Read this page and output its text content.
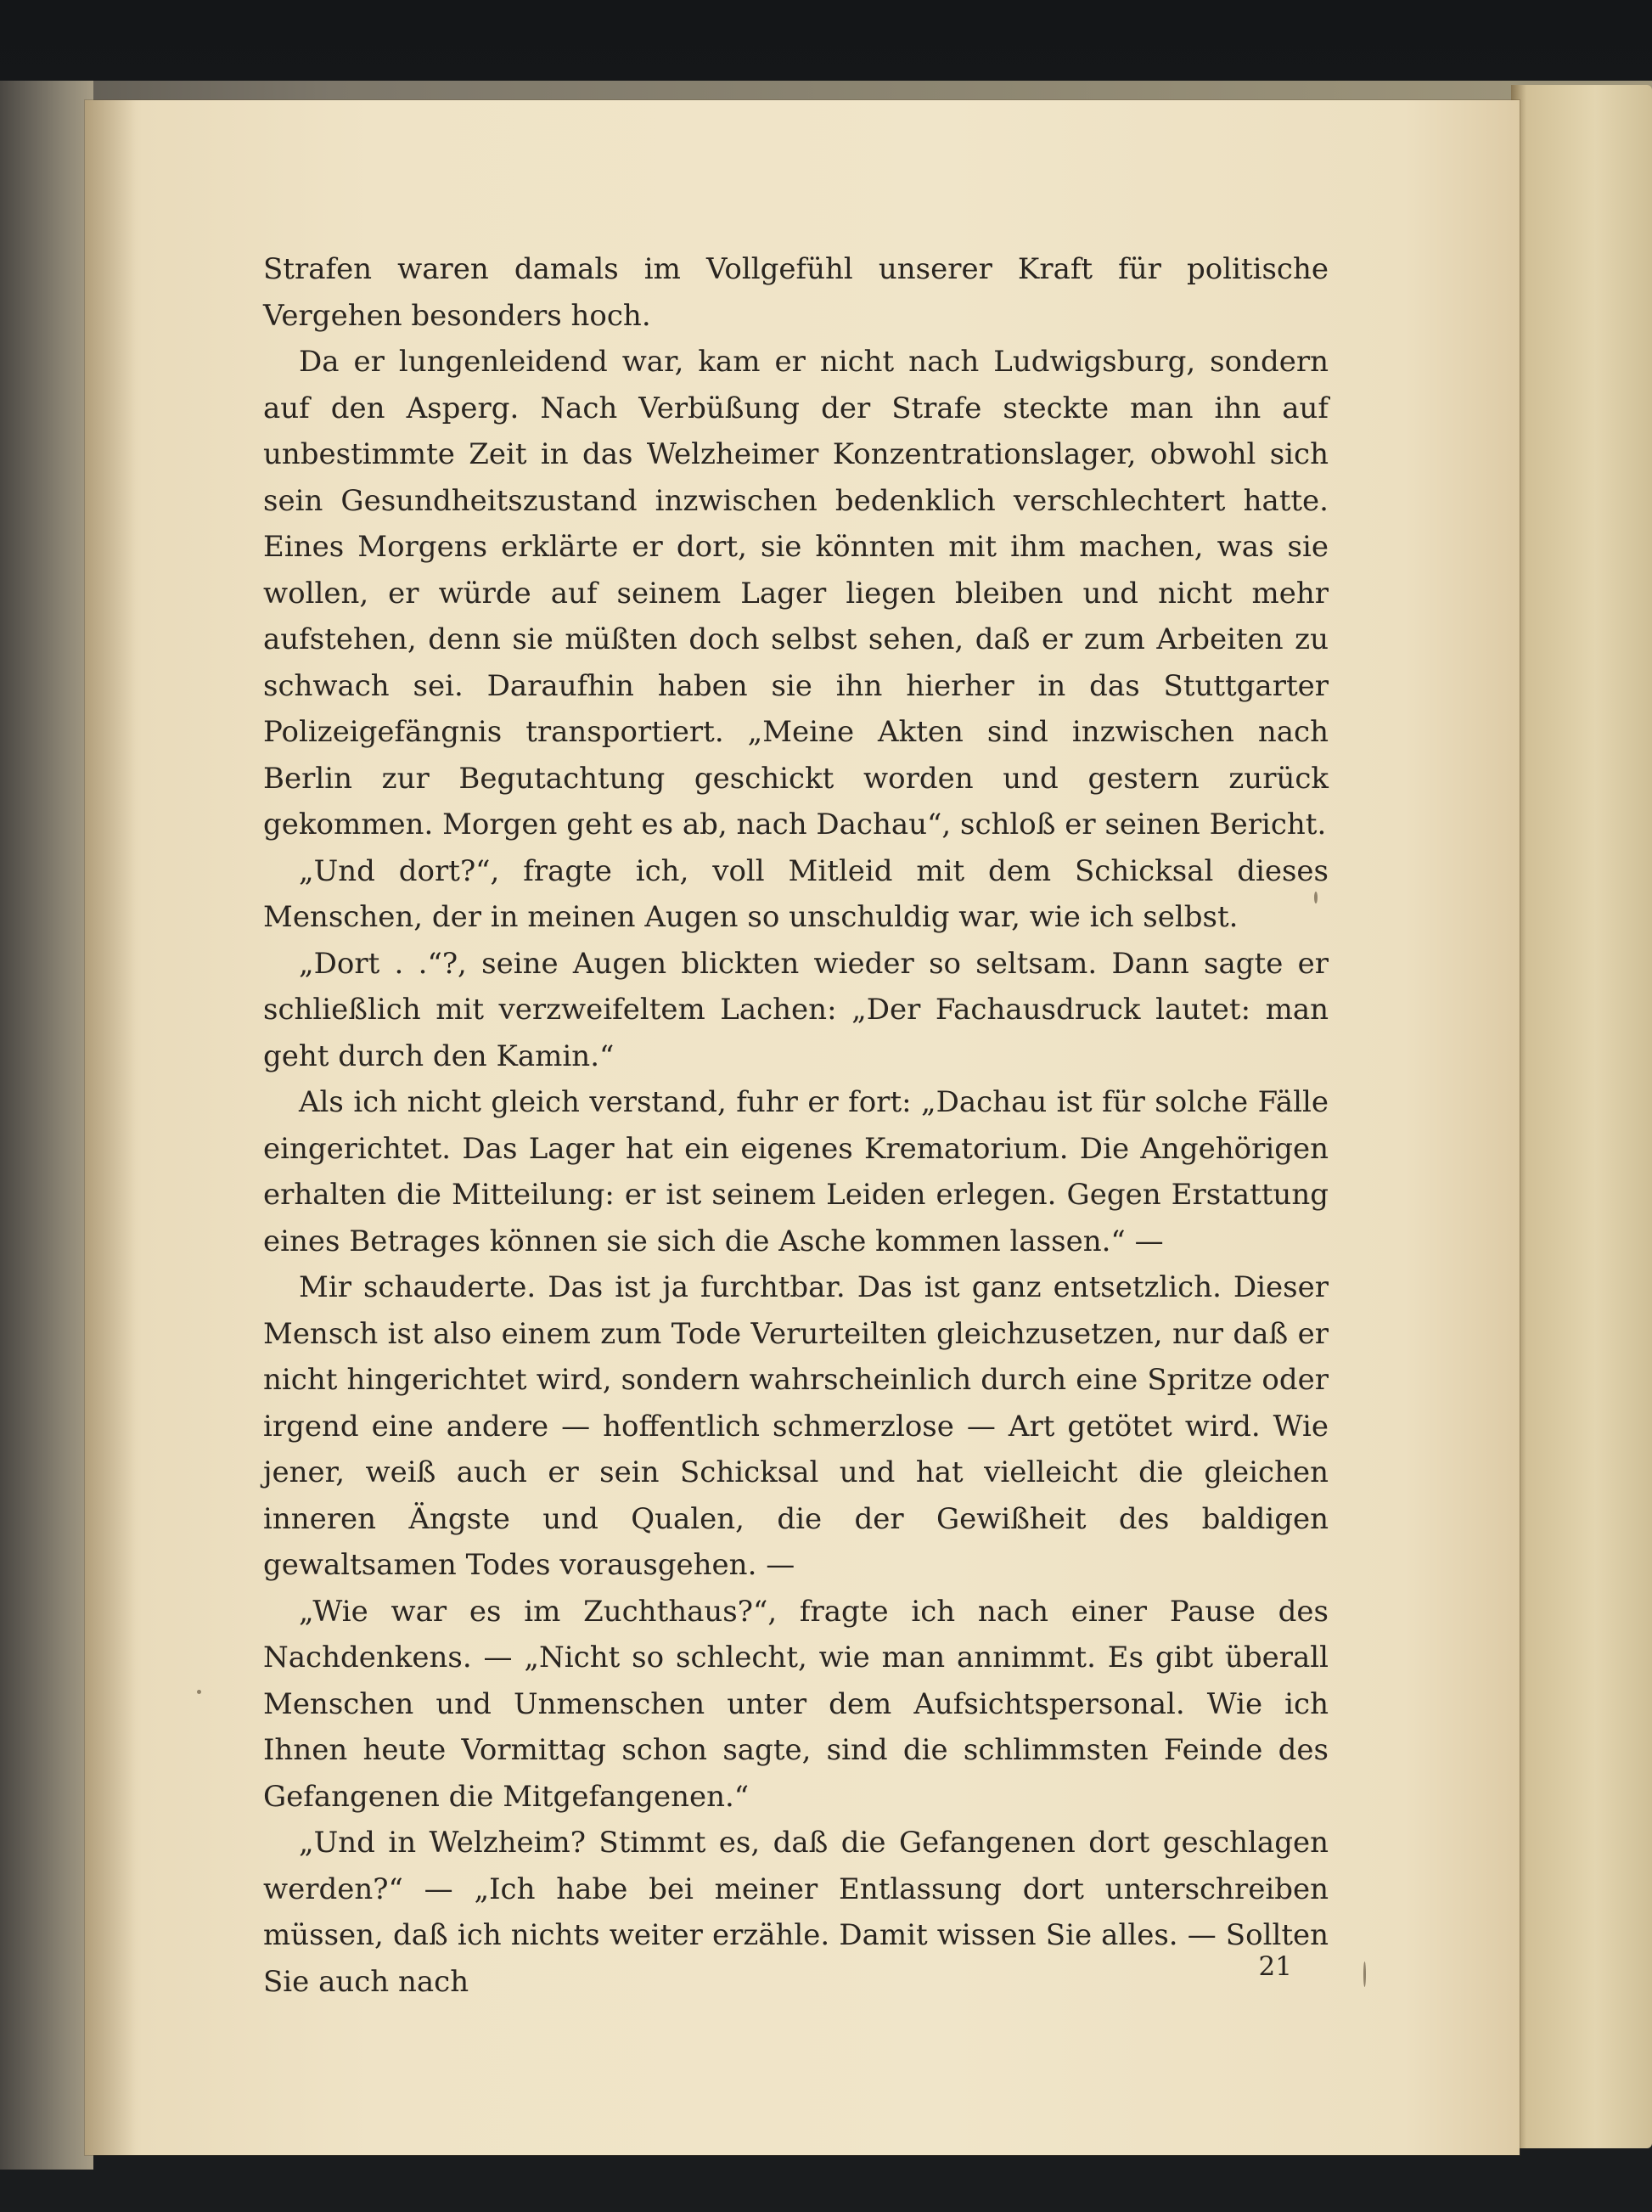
Strafen waren damals im Vollgefühl unserer Kraft für politische Vergehen besonders hoch.

Da er lungenleidend war, kam er nicht nach Ludwigsburg, sondern auf den Asperg. Nach Verbüßung der Strafe steckte man ihn auf unbestimmte Zeit in das Welzheimer Konzentrationslager, obwohl sich sein Gesundheitszustand inzwischen bedenklich verschlechtert hatte. Eines Morgens erklärte er dort, sie könnten mit ihm machen, was sie wollen, er würde auf seinem Lager liegen bleiben und nicht mehr aufstehen, denn sie müßten doch selbst sehen, daß er zum Arbeiten zu schwach sei. Daraufhin haben sie ihn hierher in das Stuttgarter Polizeigefängnis transportiert. „Meine Akten sind inzwischen nach Berlin zur Begutachtung geschickt worden und gestern zurück gekommen. Morgen geht es ab, nach Dachau“, schloß er seinen Bericht.

„Und dort?“, fragte ich, voll Mitleid mit dem Schicksal dieses Menschen, der in meinen Augen so unschuldig war, wie ich selbst.

„Dort . .“?, seine Augen blickten wieder so seltsam. Dann sagte er schließlich mit verzweifeltem Lachen: „Der Fachausdruck lautet: man geht durch den Kamin.“

Als ich nicht gleich verstand, fuhr er fort: „Dachau ist für solche Fälle eingerichtet. Das Lager hat ein eigenes Krematorium. Die Angehörigen erhalten die Mitteilung: er ist seinem Leiden erlegen. Gegen Erstattung eines Betrages können sie sich die Asche kommen lassen.“ —

Mir schauderte. Das ist ja furchtbar. Das ist ganz entsetzlich. Dieser Mensch ist also einem zum Tode Verurteilten gleichzusetzen, nur daß er nicht hingerichtet wird, sondern wahrscheinlich durch eine Spritze oder irgend eine andere — hoffentlich schmerzlose — Art getötet wird. Wie jener, weiß auch er sein Schicksal und hat vielleicht die gleichen inneren Ängste und Qualen, die der Gewißheit des baldigen gewaltsamen Todes vorausgehen. —

„Wie war es im Zuchthaus?“, fragte ich nach einer Pause des Nachdenkens. — „Nicht so schlecht, wie man annimmt. Es gibt überall Menschen und Unmenschen unter dem Aufsichtspersonal. Wie ich Ihnen heute Vormittag schon sagte, sind die schlimmsten Feinde des Gefangenen die Mitgefangenen.“

„Und in Welzheim? Stimmt es, daß die Gefangenen dort geschlagen werden?“ — „Ich habe bei meiner Entlassung dort unterschreiben müssen, daß ich nichts weiter erzähle. Damit wissen Sie alles. — Sollten Sie auch nach	21
